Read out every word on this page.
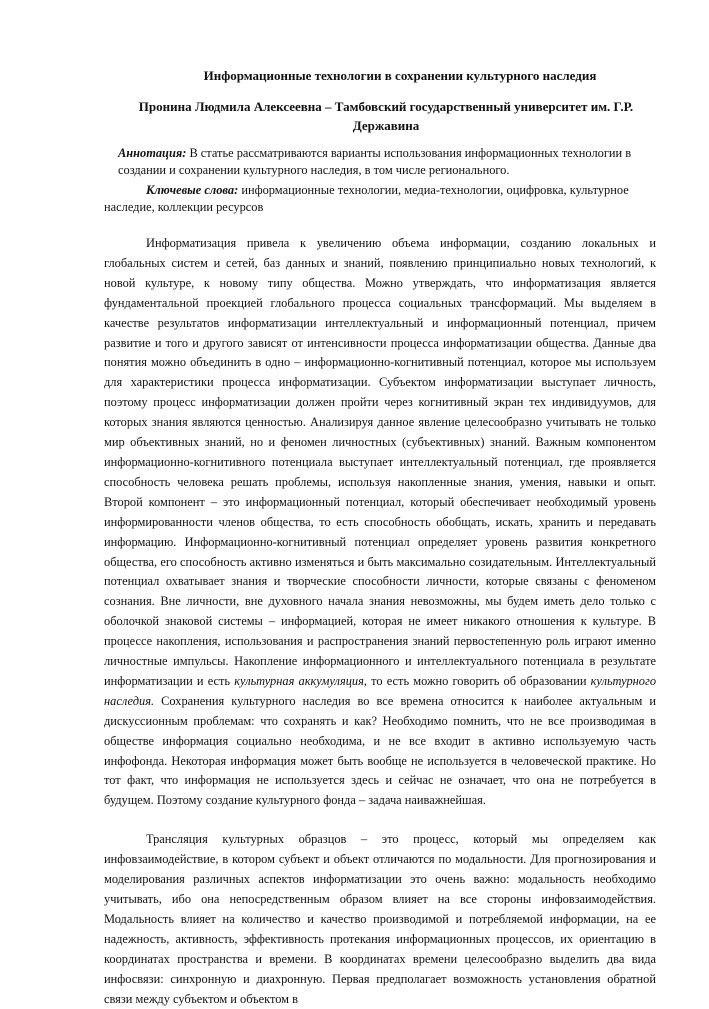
Информационные технологии в сохранении культурного наследия
Пронина Людмила Алексеевна – Тамбовский государственный университет им. Г.Р. Державина

Аннотация: В статье рассматриваются варианты использования информационных технологии в создании и сохранении культурного наследия, в том числе регионального.

Ключевые слова: информационные технологии, медиа-технологии, оцифровка, культурное наследие, коллекции ресурсов

Информатизация привела к увеличению объема информации, созданию локальных и глобальных систем и сетей, баз данных и знаний, появлению принципиально новых технологий, к новой культуре, к новому типу общества. Можно утверждать, что информатизация является фундаментальной проекцией глобального процесса социальных трансформаций. Мы выделяем в качестве результатов информатизации интеллектуальный и информационный потенциал, причем развитие и того и другого зависят от интенсивности процесса информатизации общества. Данные два понятия можно объединить в одно – информационно-когнитивный потенциал, которое мы используем для характеристики процесса информатизации. Субъектом информатизации выступает личность, поэтому процесс информатизации должен пройти через когнитивный экран тех индивидуумов, для которых знания являются ценностью. Анализируя данное явление целесообразно учитывать не только мир объективных знаний, но и феномен личностных (субъективных) знаний. Важным компонентом информационно-когнитивного потенциала выступает интеллектуальный потенциал, где проявляется способность человека решать проблемы, используя накопленные знания, умения, навыки и опыт. Второй компонент – это информационный потенциал, который обеспечивает необходимый уровень информированности членов общества, то есть способность обобщать, искать, хранить и передавать информацию. Информационно-когнитивный потенциал определяет уровень развития конкретного общества, его способность активно изменяться и быть максимально созидательным. Интеллектуальный потенциал охватывает знания и творческие способности личности, которые связаны с феноменом сознания. Вне личности, вне духовного начала знания невозможны, мы будем иметь дело только с оболочкой знаковой системы – информацией, которая не имеет никакого отношения к культуре. В процессе накопления, использования и распространения знаний первостепенную роль играют именно личностные импульсы. Накопление информационного и интеллектуального потенциала в результате информатизации и есть культурная аккумуляция, то есть можно говорить об образовании культурного наследия. Сохранения культурного наследия во все времена относится к наиболее актуальным и дискуссионным проблемам: что сохранять и как? Необходимо помнить, что не все производимая в обществе информация социально необходима, и не все входит в активно используемую часть инфофонда. Некоторая информация может быть вообще не используется в человеческой практике. Но тот факт, что информация не используется здесь и сейчас не означает, что она не потребуется в будущем. Поэтому создание культурного фонда – задача наиважнейшая.

Трансляция культурных образцов – это процесс, который мы определяем как инфовзаимодействие, в котором субъект и объект отличаются по модальности. Для прогнозирования и моделирования различных аспектов информатизации это очень важно: модальность необходимо учитывать, ибо она непосредственным образом влияет на все стороны инфовзаимодействия. Модальность влияет на количество и качество производимой и потребляемой информации, на ее надежность, активность, эффективность протекания информационных процессов, их ориентацию в координатах пространства и времени. В координатах времени целесообразно выделить два вида инфосвязи: синхронную и диахронную. Первая предполагает возможность установления обратной связи между субъектом и объектом в
